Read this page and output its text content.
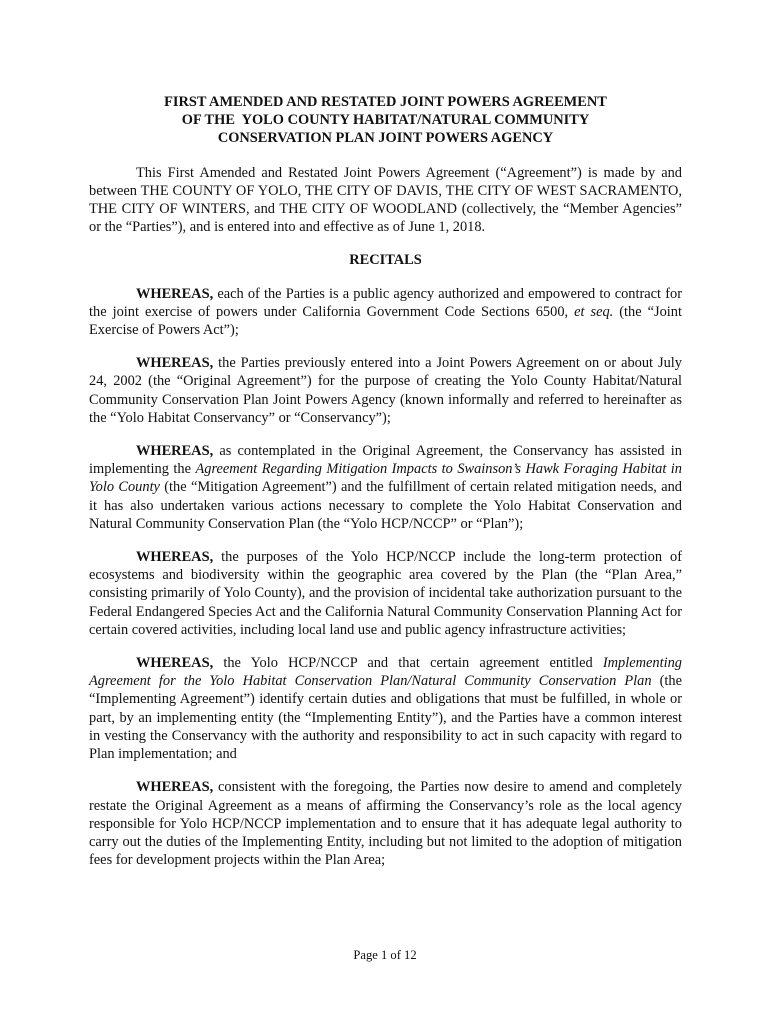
FIRST AMENDED AND RESTATED JOINT POWERS AGREEMENT
OF THE  YOLO COUNTY HABITAT/NATURAL COMMUNITY
CONSERVATION PLAN JOINT POWERS AGENCY

This First Amended and Restated Joint Powers Agreement (“Agreement”) is made by and between THE COUNTY OF YOLO, THE CITY OF DAVIS, THE CITY OF WEST SACRAMENTO, THE CITY OF WINTERS, and THE CITY OF WOODLAND (collectively, the “Member Agencies” or the “Parties”), and is entered into and effective as of June 1, 2018.

RECITALS

WHEREAS, each of the Parties is a public agency authorized and empowered to contract for the joint exercise of powers under California Government Code Sections 6500, et seq. (the “Joint Exercise of Powers Act”);

WHEREAS, the Parties previously entered into a Joint Powers Agreement on or about July 24, 2002 (the “Original Agreement”) for the purpose of creating the Yolo County Habitat/Natural Community Conservation Plan Joint Powers Agency (known informally and referred to hereinafter as the “Yolo Habitat Conservancy” or “Conservancy”);

WHEREAS, as contemplated in the Original Agreement, the Conservancy has assisted in implementing the Agreement Regarding Mitigation Impacts to Swainson’s Hawk Foraging Habitat in Yolo County (the “Mitigation Agreement”) and the fulfillment of certain related mitigation needs, and it has also undertaken various actions necessary to complete the Yolo Habitat Conservation and Natural Community Conservation Plan (the “Yolo HCP/NCCP” or “Plan”);

WHEREAS, the purposes of the Yolo HCP/NCCP include the long-term protection of ecosystems and biodiversity within the geographic area covered by the Plan (the “Plan Area,” consisting primarily of Yolo County), and the provision of incidental take authorization pursuant to the Federal Endangered Species Act and the California Natural Community Conservation Planning Act for certain covered activities, including local land use and public agency infrastructure activities;

WHEREAS, the Yolo HCP/NCCP and that certain agreement entitled Implementing Agreement for the Yolo Habitat Conservation Plan/Natural Community Conservation Plan (the “Implementing Agreement”) identify certain duties and obligations that must be fulfilled, in whole or part, by an implementing entity (the “Implementing Entity”), and the Parties have a common interest in vesting the Conservancy with the authority and responsibility to act in such capacity with regard to Plan implementation; and

WHEREAS, consistent with the foregoing, the Parties now desire to amend and completely restate the Original Agreement as a means of affirming the Conservancy’s role as the local agency responsible for Yolo HCP/NCCP implementation and to ensure that it has adequate legal authority to carry out the duties of the Implementing Entity, including but not limited to the adoption of mitigation fees for development projects within the Plan Area;

Page 1 of 12
